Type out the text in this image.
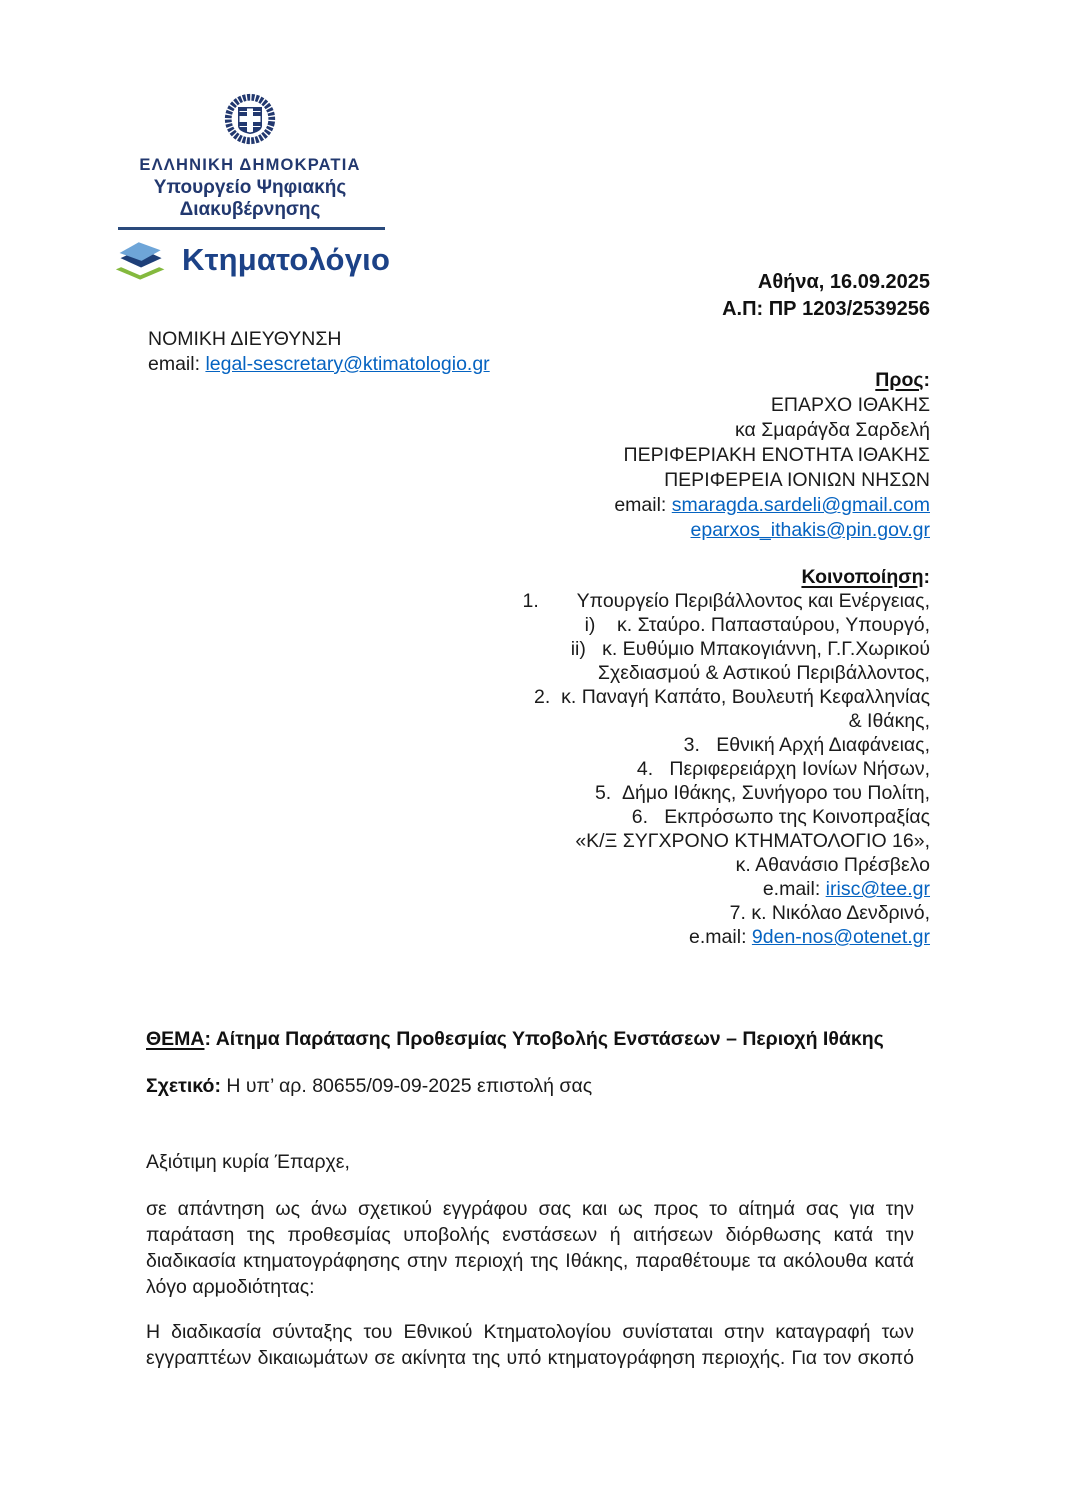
ΕΛΛΗΝΙΚΗ ΔΗΜΟΚΡΑΤΙΑ
Υπουργείο Ψηφιακής Διακυβέρνησης
Κτηματολόγιο
Αθήνα, 16.09.2025
Α.Π: ΠΡ 1203/2539256
ΝΟΜΙΚΗ ΔΙΕΥΘΥΝΣΗ
email: legal-sescretary@ktimatologio.gr
Προς:
ΕΠΑΡΧΟ ΙΘΑΚΗΣ
κα Σμαράγδα Σαρδελή
ΠΕΡΙΦΕΡΙΑΚΗ ΕΝΟΤΗΤΑ ΙΘΑΚΗΣ
ΠΕΡΙΦΕΡΕΙΑ ΙΟΝΙΩΝ ΝΗΣΩΝ
email: smaragda.sardeli@gmail.com
eparxos_ithakis@pin.gov.gr
Κοινοποίηση:
1.       Υπουργείο Περιβάλλοντος και Ενέργειας,
i)    κ. Σταύρο. Παπασταύρου, Υπουργό,
ii)   κ. Ευθύμιο Μπακογιάννη, Γ.Γ.Χωρικού
Σχεδιασμού & Αστικού Περιβάλλοντος,
2.  κ. Παναγή Καπάτο, Βουλευτή Κεφαλληνίας
& Ιθάκης,
3.   Εθνική Αρχή Διαφάνειας,
4.   Περιφερειάρχη Ιονίων Νήσων,
5.  Δήμο Ιθάκης, Συνήγορο του Πολίτη,
6.   Εκπρόσωπο της Κοινοπραξίας
«Κ/Ξ ΣΥΓΧΡΟΝΟ ΚΤΗΜΑΤΟΛΟΓΙΟ 16»,
κ. Αθανάσιο Πρέσβελο
e.mail: irisc@tee.gr
7. κ. Νικόλαο Δενδρινό,
e.mail: 9den-nos@otenet.gr
ΘΕΜΑ: Αίτημα Παράτασης Προθεσμίας Υποβολής Ενστάσεων – Περιοχή Ιθάκης
Σχετικό: Η υπ’ αρ. 80655/09-09-2025 επιστολή σας

Αξιότιμη κυρία Έπαρχε,

σε απάντηση ως άνω σχετικού εγγράφου σας και ως προς το αίτημά σας για την παράταση της προθεσμίας υποβολής ενστάσεων ή αιτήσεων διόρθωσης κατά την διαδικασία κτηματογράφησης στην περιοχή της Ιθάκης, παραθέτουμε τα ακόλουθα κατά λόγο αρμοδιότητας:

Η διαδικασία σύνταξης του Εθνικού Κτηματολογίου συνίσταται στην καταγραφή των εγγραπτέων δικαιωμάτων σε ακίνητα της υπό κτηματογράφηση περιοχής. Για τον σκοπό
